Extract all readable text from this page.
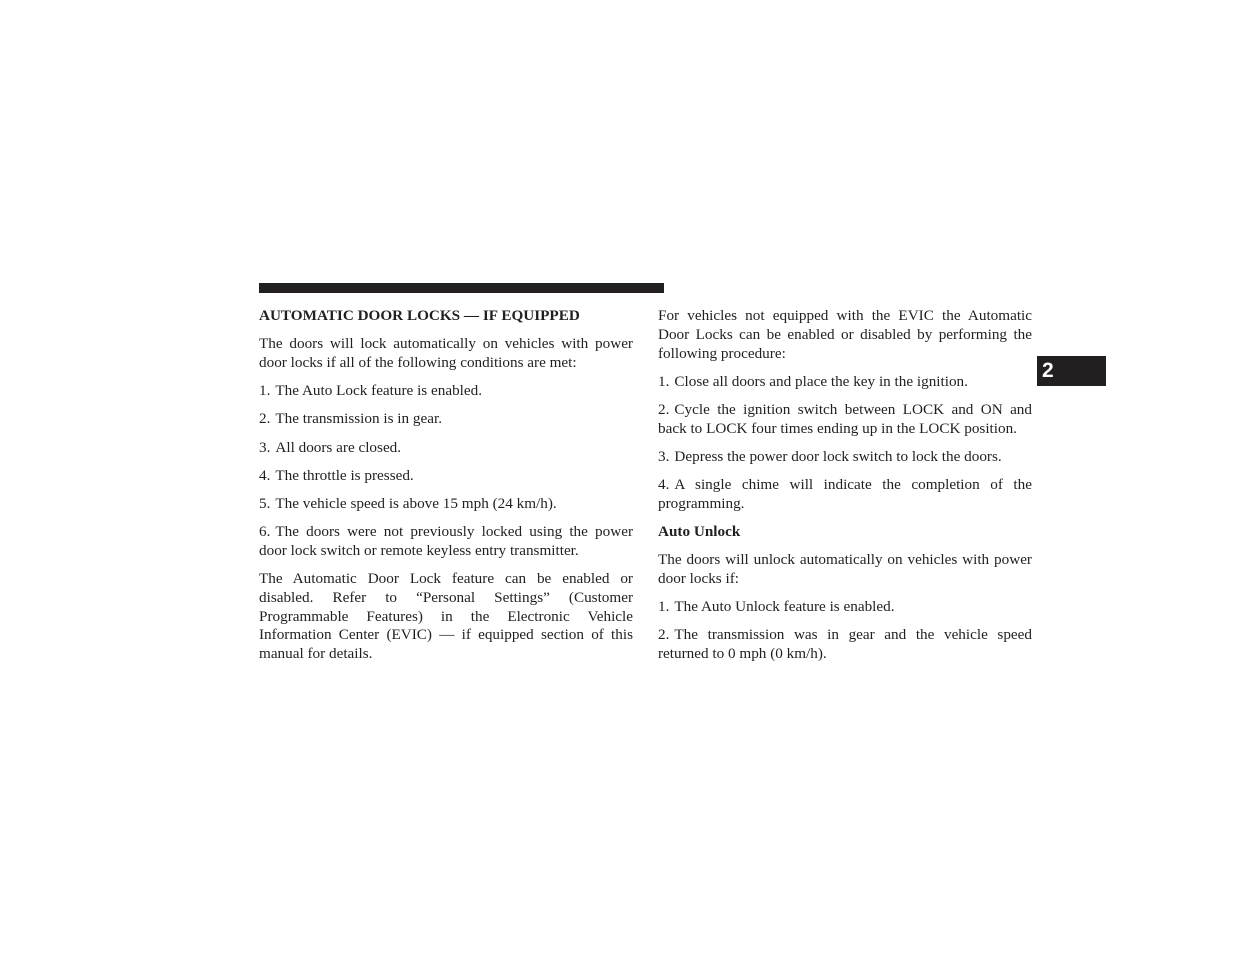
AUTOMATIC DOOR LOCKS — IF EQUIPPED

The doors will lock automatically on vehicles with power door locks if all of the following conditions are met:

1. The Auto Lock feature is enabled.

2. The transmission is in gear.

3. All doors are closed.

4. The throttle is pressed.

5. The vehicle speed is above 15 mph (24 km/h).

6. The doors were not previously locked using the power door lock switch or remote keyless entry transmitter.

The Automatic Door Lock feature can be enabled or disabled. Refer to “Personal Settings” (Customer Programmable Features) in the Electronic Vehicle Information Center (EVIC) — if equipped section of this manual for details.

For vehicles not equipped with the EVIC the Automatic Door Locks can be enabled or disabled by performing the following procedure:

1. Close all doors and place the key in the ignition.

2. Cycle the ignition switch between LOCK and ON and back to LOCK four times ending up in the LOCK position.

3. Depress the power door lock switch to lock the doors.

4. A single chime will indicate the completion of the programming.

Auto Unlock

The doors will unlock automatically on vehicles with power door locks if:

1. The Auto Unlock feature is enabled.

2. The transmission was in gear and the vehicle speed returned to 0 mph (0 km/h).

2
